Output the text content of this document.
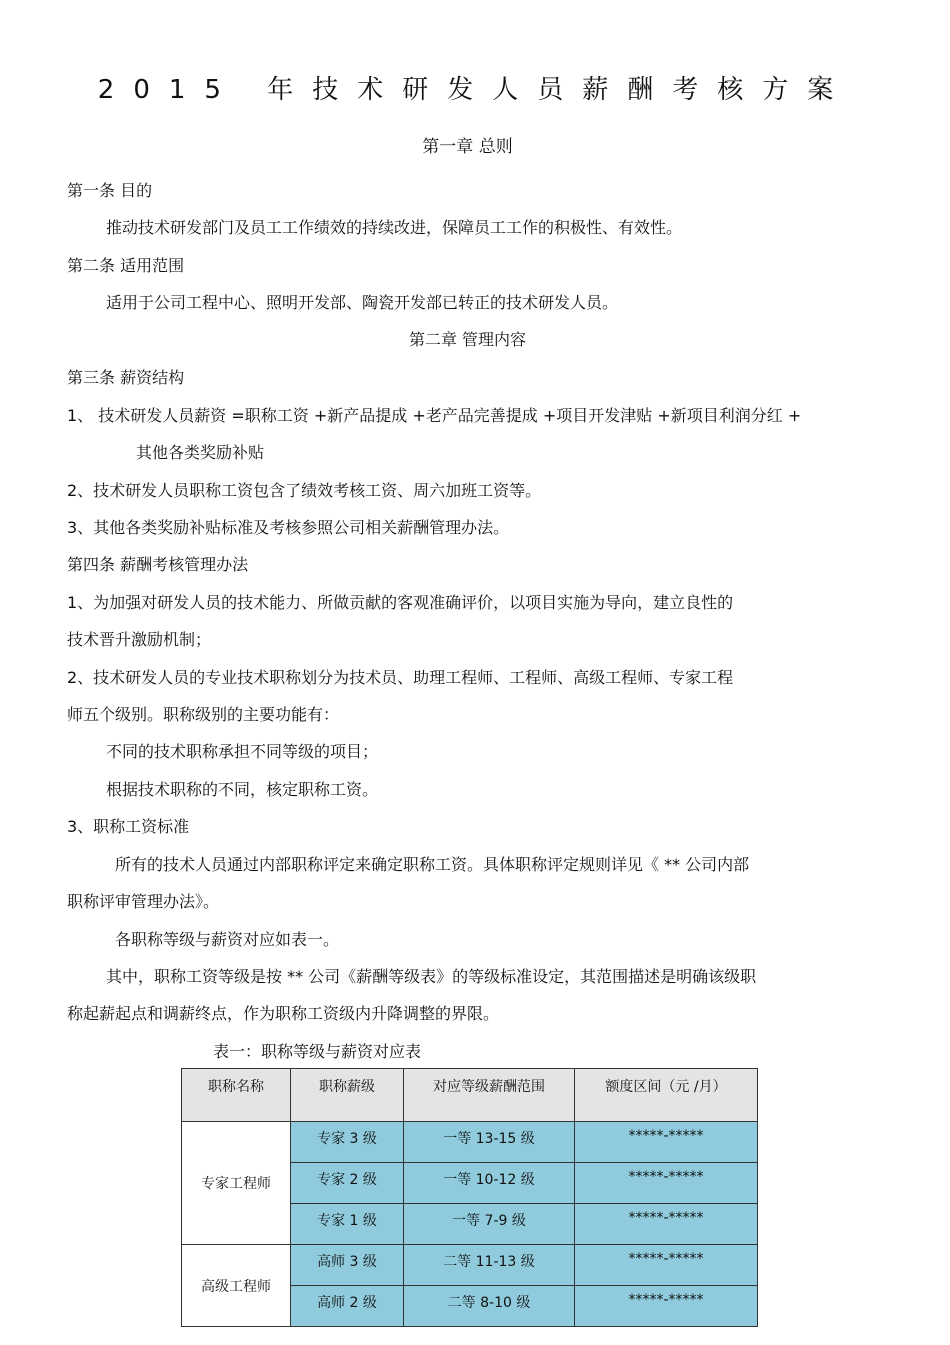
2015 年技术研发人员薪酬考核方案
第一章 总则
第一条 目的
推动技术研发部门及员工工作绩效的持续改进，保障员工工作的积极性、有效性。
第二条 适用范围
适用于公司工程中心、照明开发部、陶瓷开发部已转正的技术研发人员。
第二章 管理内容
第三条 薪资结构
1、 技术研发人员薪资 =职称工资 +新产品提成 +老产品完善提成 +项目开发津贴 +新项目利润分红 +
其他各类奖励补贴
2、技术研发人员职称工资包含了绩效考核工资、周六加班工资等。
3、其他各类奖励补贴标准及考核参照公司相关薪酬管理办法。
第四条 薪酬考核管理办法
1、为加强对研发人员的技术能力、所做贡献的客观准确评价，以项目实施为导向，建立良性的
技术晋升激励机制；
2、技术研发人员的专业技术职称划分为技术员、助理工程师、工程师、高级工程师、专家工程
师五个级别。职称级别的主要功能有：
不同的技术职称承担不同等级的项目；
根据技术职称的不同，核定职称工资。
3、职称工资标准
所有的技术人员通过内部职称评定来确定职称工资。具体职称评定规则详见《 ** 公司内部
职称评审管理办法》。
各职称等级与薪资对应如表一。
其中，职称工资等级是按 ** 公司《薪酬等级表》的等级标准设定，其范围描述是明确该级职
称起薪起点和调薪终点，作为职称工资级内升降调整的界限。
表一：职称等级与薪资对应表
职称名称	职称薪级	对应等级薪酬范围	额度区间（元 /月）
专家工程师	专家 3 级	一等 13-15 级	*****-*****
	专家 2 级	一等 10-12 级	*****-*****
	专家 1 级	一等 7-9 级	*****-*****
高级工程师	高师 3 级	二等 11-13 级	*****-*****
	高师 2 级	二等 8-10 级	*****-*****
